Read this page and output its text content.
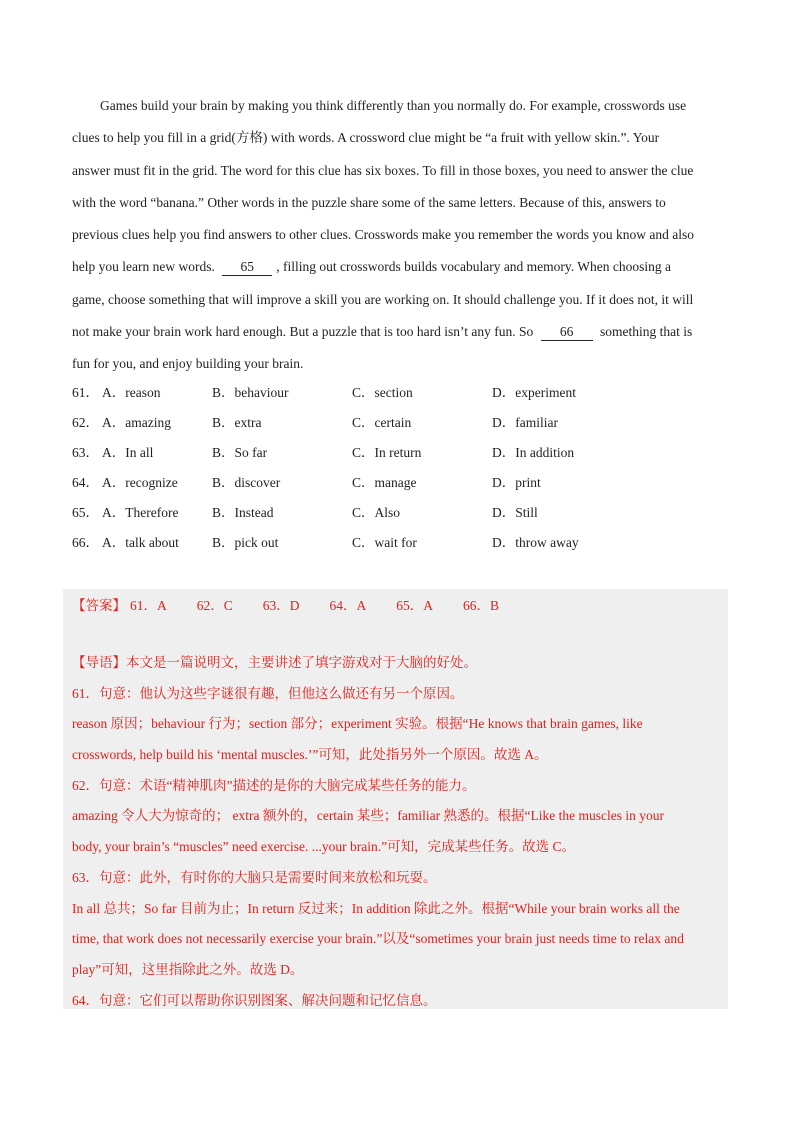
Games build your brain by making you think differently than you normally do. For example, crosswords use
clues to help you fill in a grid(方格) with words. A crossword clue might be “a fruit with yellow skin.”. Your
answer must fit in the grid. The word for this clue has six boxes. To fill in those boxes, you need to answer the clue
with the word “banana.” Other words in the puzzle share some of the same letters. Because of this, answers to
previous clues help you find answers to other clues. Crosswords make you remember the words you know and also
help you learn new words. 65 , filling out crosswords builds vocabulary and memory. When choosing a
game, choose something that will improve a skill you are working on. It should challenge you. If it does not, it will
not make your brain work hard enough. But a puzzle that is too hard isn’t any fun. So 66 something that is
fun for you, and enjoy building your brain.
61． A．reason	B．behaviour	C．section	D．experiment
62． A．amazing	B．extra	C．certain	D．familiar
63． A．In all	B．So far	C．In return	D．In addition
64． A．recognize	B．discover	C．manage	D．print
65． A．Therefore	B．Instead	C．Also	D．Still
66． A．talk about	B．pick out	C．wait for	D．throw away
【答案】 61．A 62．C 63．D 64．A 65．A 66．B
【导语】本文是一篇说明文，主要讲述了填字游戏对于大脑的好处。
61．句意：他认为这些字谜很有趣，但他这么做还有另一个原因。
reason 原因；behaviour 行为；section 部分；experiment 实验。根据“He knows that brain games, like
crosswords, help build his ‘mental muscles.’”可知，此处指另外一个原因。故选 A。
62．句意：术语“精神肌肉”描述的是你的大脑完成某些任务的能力。
amazing 令人大为惊奇的； extra 额外的，certain 某些；familiar 熟悉的。根据“Like the muscles in your
body, your brain’s “muscles” need exercise. ...your brain.”可知，完成某些任务。故选 C。
63．句意：此外，有时你的大脑只是需要时间来放松和玩耍。
In all 总共；So far 目前为止；In return 反过来；In addition 除此之外。根据“While your brain works all the
time, that work does not necessarily exercise your brain.”以及“sometimes your brain just needs time to relax and
play”可知，这里指除此之外。故选 D。
64．句意：它们可以帮助你识别图案、解决问题和记忆信息。
